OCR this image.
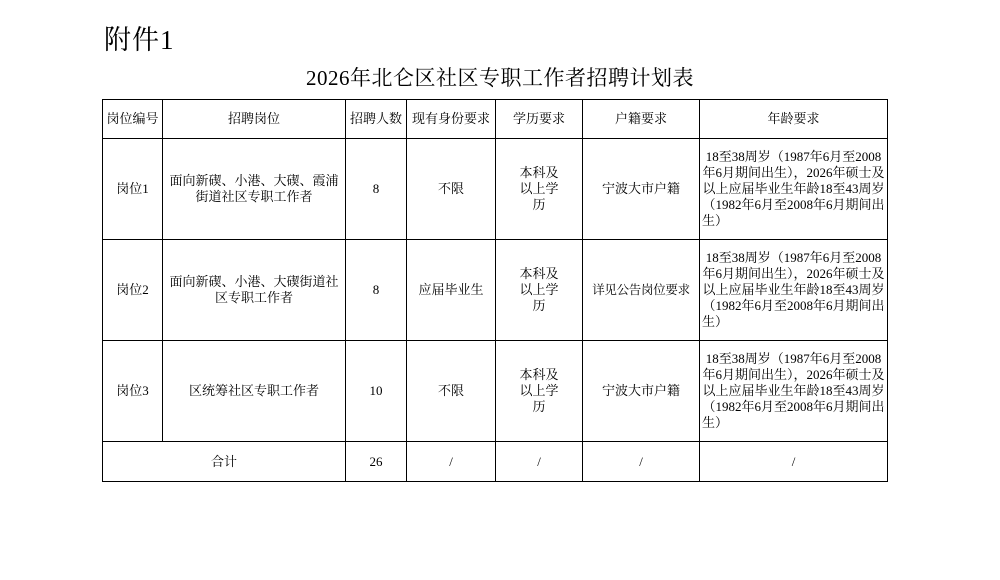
附件1
2026年北仑区社区专职工作者招聘计划表
岗位编号	招聘岗位	招聘人数	现有身份要求	学历要求	户籍要求	年龄要求
岗位1	面向新碶、小港、大碶、霞浦街道社区专职工作者	8	不限	本科及以上学历	宁波大市户籍	18至38周岁（1987年6月至2008年6月期间出生），2026年硕士及以上应届毕业生年龄18至43周岁（1982年6月至2008年6月期间出生）
岗位2	面向新碶、小港、大碶街道社区专职工作者	8	应届毕业生	本科及以上学历	详见公告岗位要求	18至38周岁（1987年6月至2008年6月期间出生），2026年硕士及以上应届毕业生年龄18至43周岁（1982年6月至2008年6月期间出生）
岗位3	区统筹社区专职工作者	10	不限	本科及以上学历	宁波大市户籍	18至38周岁（1987年6月至2008年6月期间出生），2026年硕士及以上应届毕业生年龄18至43周岁（1982年6月至2008年6月期间出生）
合计		26	/	/	/	/
